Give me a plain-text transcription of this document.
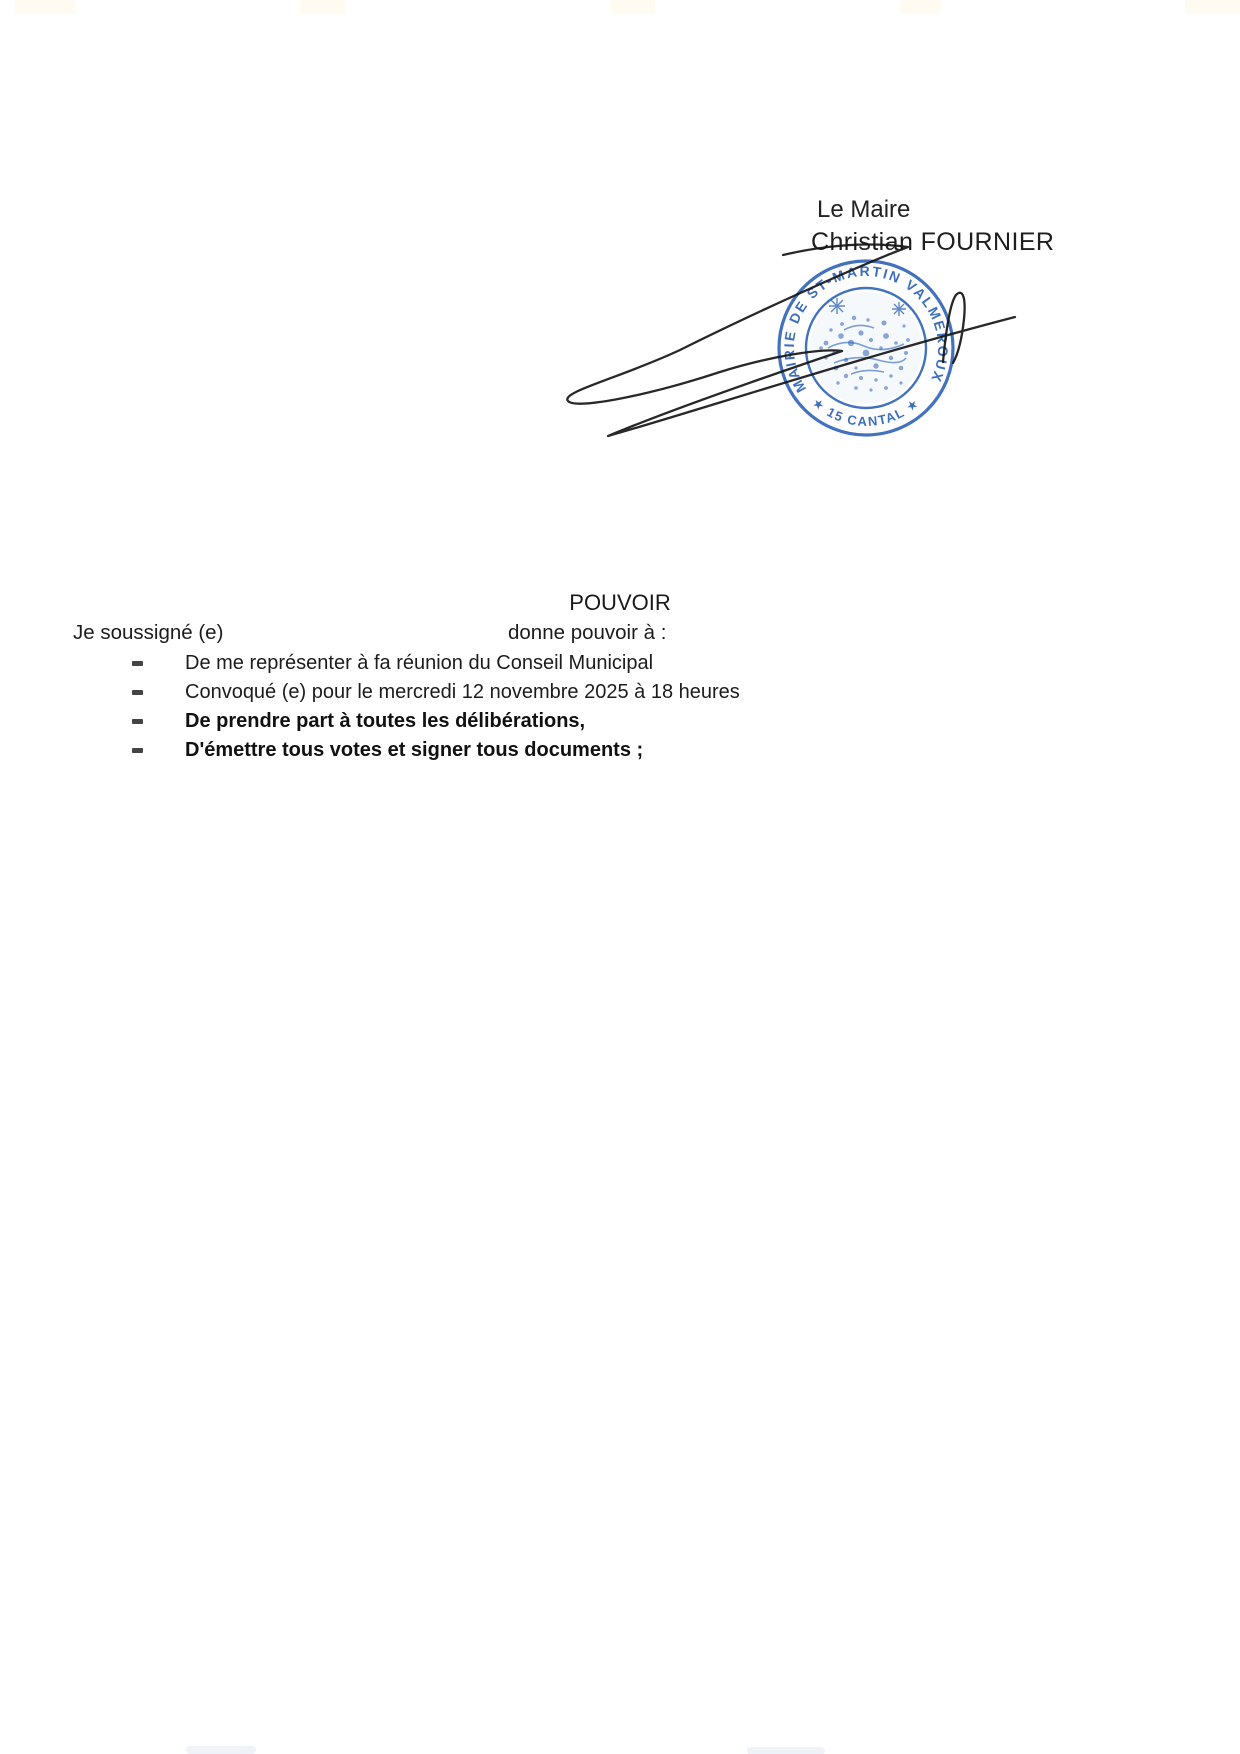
Le Maire
Christian FOURNIER
MAIRIE DE ST-MARTIN VALMEROUX
★ 15 CANTAL ★
POUVOIR
Je soussigné (e)	donne pouvoir à :
De me représenter à fa réunion du Conseil Municipal
Convoqué (e) pour le mercredi 12 novembre 2025 à 18 heures
De prendre part à toutes les délibérations,
D'émettre tous votes et signer tous documents ;
